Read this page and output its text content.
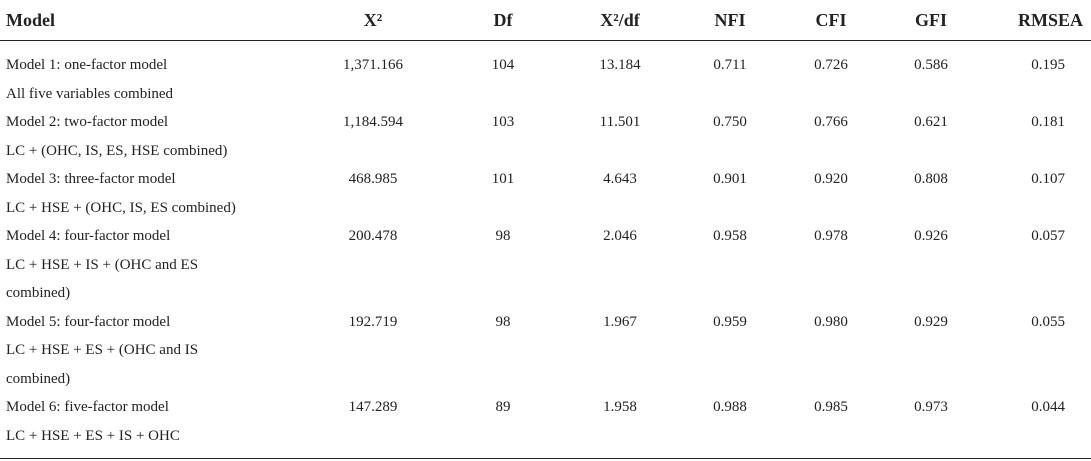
Model	X²	Df	X²/df	NFI	CFI	GFI	RMSEA

Model 1: one-factor model
All five variables combined	1,371.166	104	13.184	0.711	0.726	0.586	0.195

Model 2: two-factor model
LC + (OHC, IS, ES, HSE combined)	1,184.594	103	11.501	0.750	0.766	0.621	0.181

Model 3: three-factor model
LC + HSE + (OHC, IS, ES combined)	468.985	101	4.643	0.901	0.920	0.808	0.107

Model 4: four-factor model
LC + HSE + IS + (OHC and ES
combined)	200.478	98	2.046	0.958	0.978	0.926	0.057

Model 5: four-factor model
LC + HSE + ES + (OHC and IS
combined)	192.719	98	1.967	0.959	0.980	0.929	0.055

Model 6: five-factor model
LC + HSE + ES + IS + OHC	147.289	89	1.958	0.988	0.985	0.973	0.044
